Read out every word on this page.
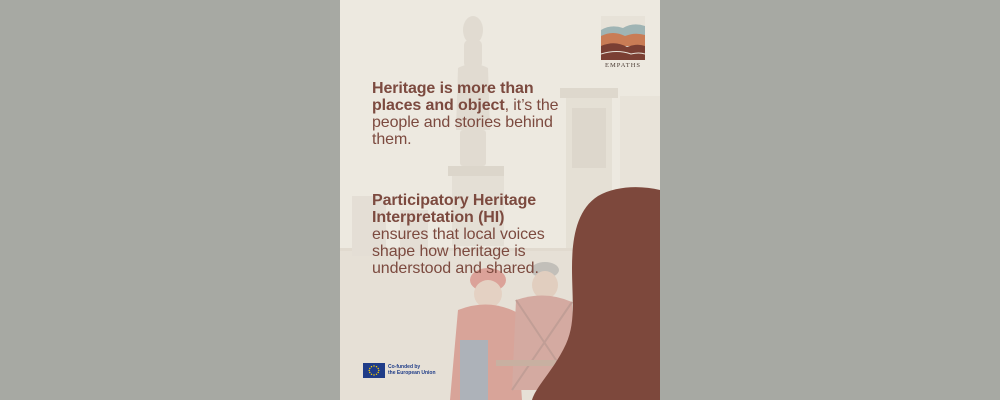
EMPATHS
Heritage is more than places and object, it’s the people and stories behind them.
Participatory Heritage Interpretation (HI)
ensures that local voices shape how heritage is understood and shared.
Co-funded by
the European Union
